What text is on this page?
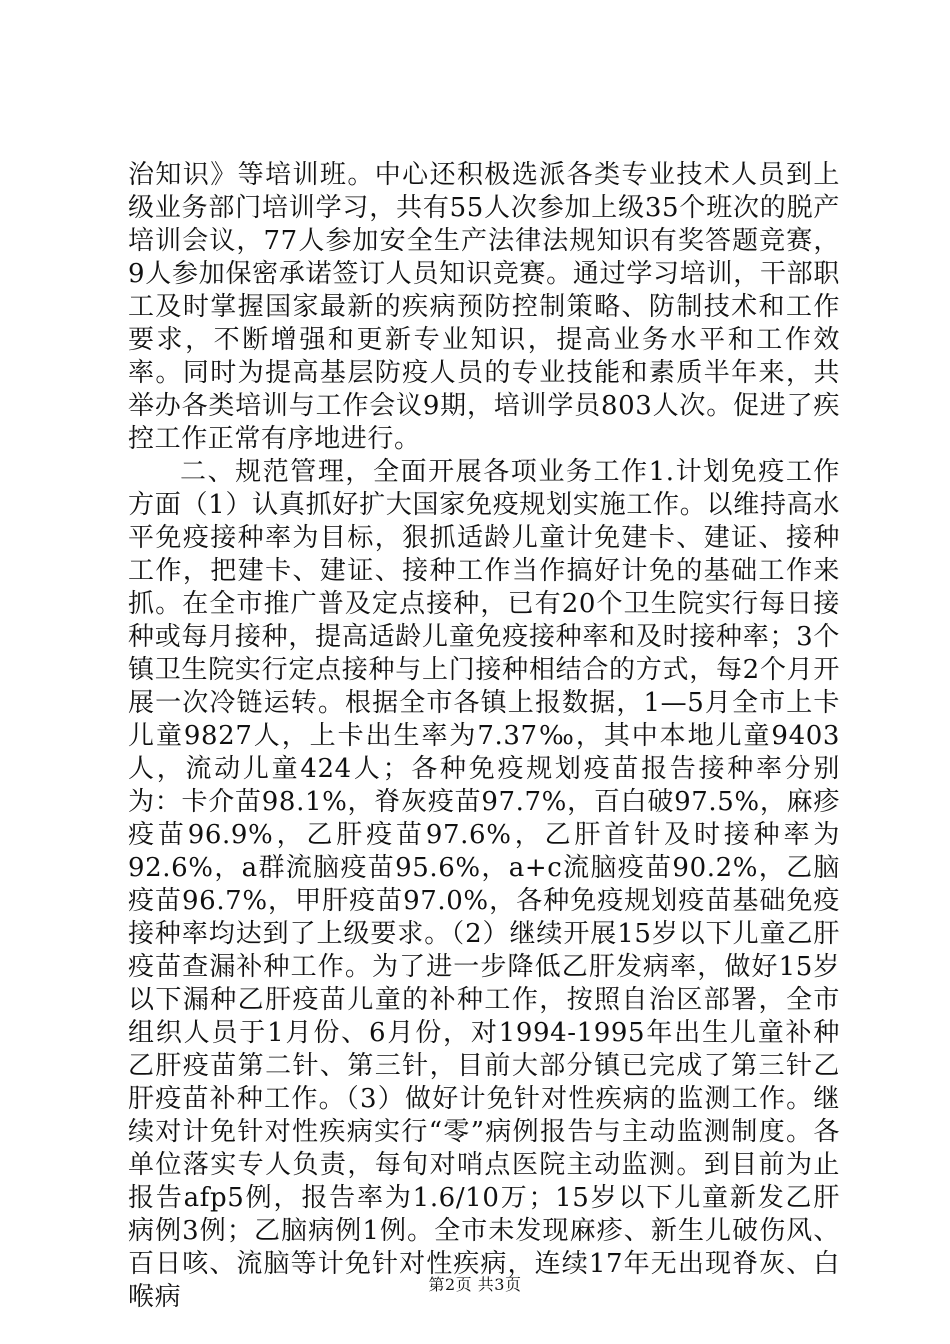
治知识》等培训班。中心还积极选派各类专业技术人员到上级业务部门培训学习，共有55人次参加上级35个班次的脱产培训会议，77人参加安全生产法律法规知识有奖答题竞赛，9人参加保密承诺签订人员知识竞赛。通过学习培训，干部职工及时掌握国家最新的疾病预防控制策略、防制技术和工作要求，不断增强和更新专业知识，提高业务水平和工作效率。同时为提高基层防疫人员的专业技能和素质半年来，共举办各类培训与工作会议9期，培训学员803人次。促进了疾控工作正常有序地进行。

二、规范管理，全面开展各项业务工作1.计划免疫工作方面（1）认真抓好扩大国家免疫规划实施工作。以维持高水平免疫接种率为目标，狠抓适龄儿童计免建卡、建证、接种工作，把建卡、建证、接种工作当作搞好计免的基础工作来抓。在全市推广普及定点接种，已有20个卫生院实行每日接种或每月接种，提高适龄儿童免疫接种率和及时接种率；3个镇卫生院实行定点接种与上门接种相结合的方式，每2个月开展一次冷链运转。根据全市各镇上报数据，1—5月全市上卡儿童9827人，上卡出生率为7.37‰，其中本地儿童9403人，流动儿童424人；各种免疫规划疫苗报告接种率分别为：卡介苗98.1%，脊灰疫苗97.7%，百白破97.5%，麻疹疫苗96.9%，乙肝疫苗97.6%，乙肝首针及时接种率为92.6%，a群流脑疫苗95.6%，a+c流脑疫苗90.2%，乙脑疫苗96.7%，甲肝疫苗97.0%，各种免疫规划疫苗基础免疫接种率均达到了上级要求。（2）继续开展15岁以下儿童乙肝疫苗查漏补种工作。为了进一步降低乙肝发病率，做好15岁以下漏种乙肝疫苗儿童的补种工作，按照自治区部署，全市组织人员于1月份、6月份，对1994-1995年出生儿童补种乙肝疫苗第二针、第三针，目前大部分镇已完成了第三针乙肝疫苗补种工作。（3）做好计免针对性疾病的监测工作。继续对计免针对性疾病实行“零”病例报告与主动监测制度。各单位落实专人负责，每旬对哨点医院主动监测。到目前为止报告afp5例，报告率为1.6/10万；15岁以下儿童新发乙肝病例3例；乙脑病例1例。全市未发现麻疹、新生儿破伤风、百日咳、流脑等计免针对性疾病，连续17年无出现脊灰、白喉病	第2页 共3页
